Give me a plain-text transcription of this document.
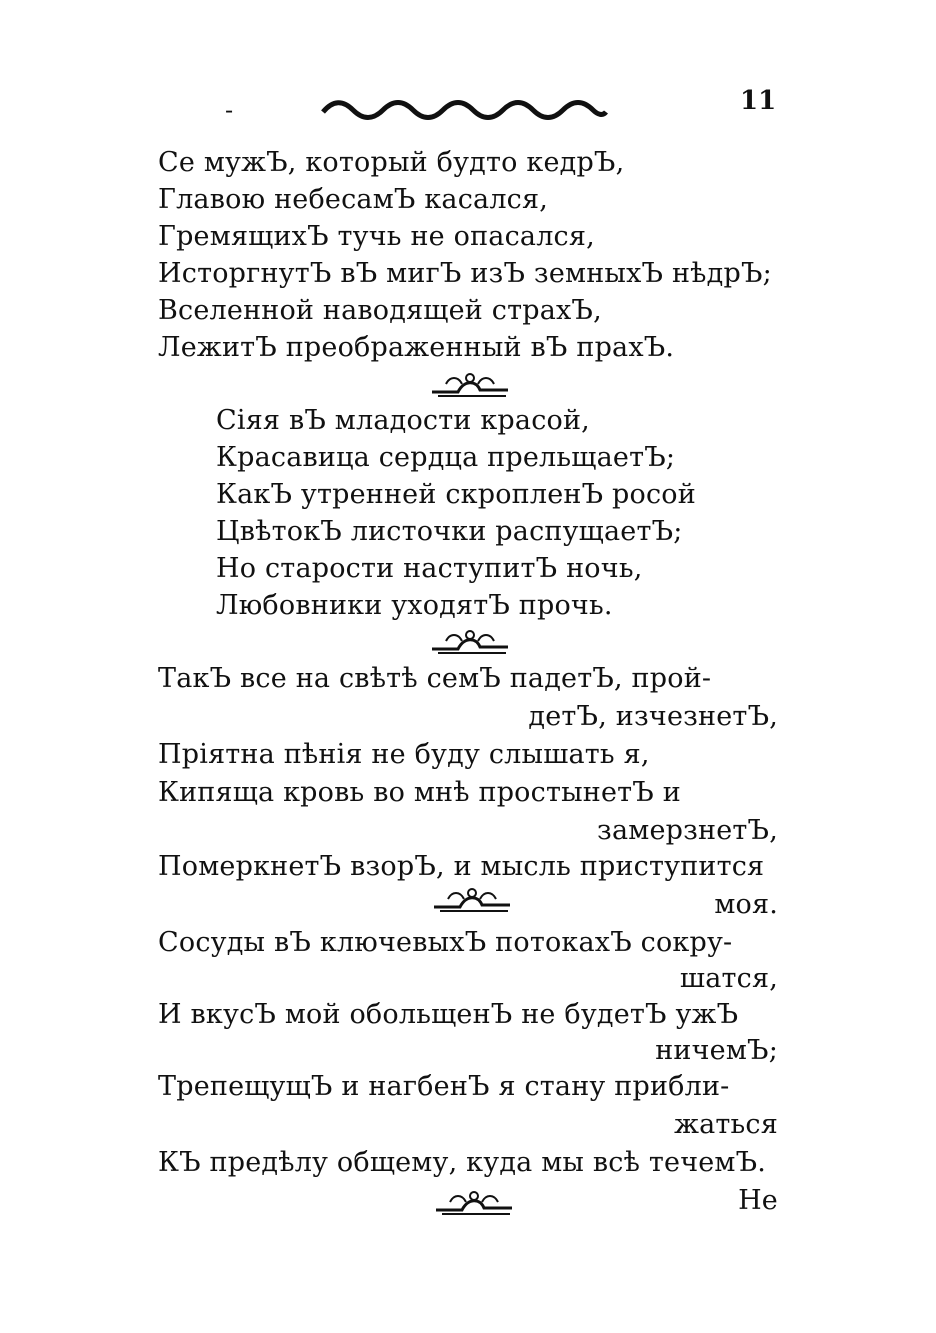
-	11
Се мужЪ, который будто кедрЪ,
Главою небесамЪ касался,
ГремящихЪ тучь не опасался,
ИсторгнутЪ вЪ мигЪ изЪ земныхЪ нѣдрЪ;
Вселенной наводящей страхЪ,
ЛежитЪ преображенный вЪ прахЪ.
Сiяя вЪ младости красой,
Красавица сердца прельщаетЪ;
КакЪ утренней скропленЪ росой
ЦвѣтокЪ листочки распущаетЪ;
Но старости наступитЪ ночь,
Любовники уходятЪ прочь.
ТакЪ все на свѣтѣ семЪ падетЪ, прой-
детЪ, изчезнетЪ,
Прiятна пѣнiя не буду слышать я,
Кипяща кровь во мнѣ простынетЪ и
замерзнетЪ,
ПомеркнетЪ взорЪ, и мысль приступится
моя.
Сосуды вЪ ключевыхЪ потокахЪ сокру-
шатся,
И вкусЪ мой обольщенЪ не будетЪ ужЪ
ничемЪ;
ТрепещущЪ и нагбенЪ я стану прибли-
жаться
КЪ предѣлу общему, куда мы всѣ течемЪ.
Не
